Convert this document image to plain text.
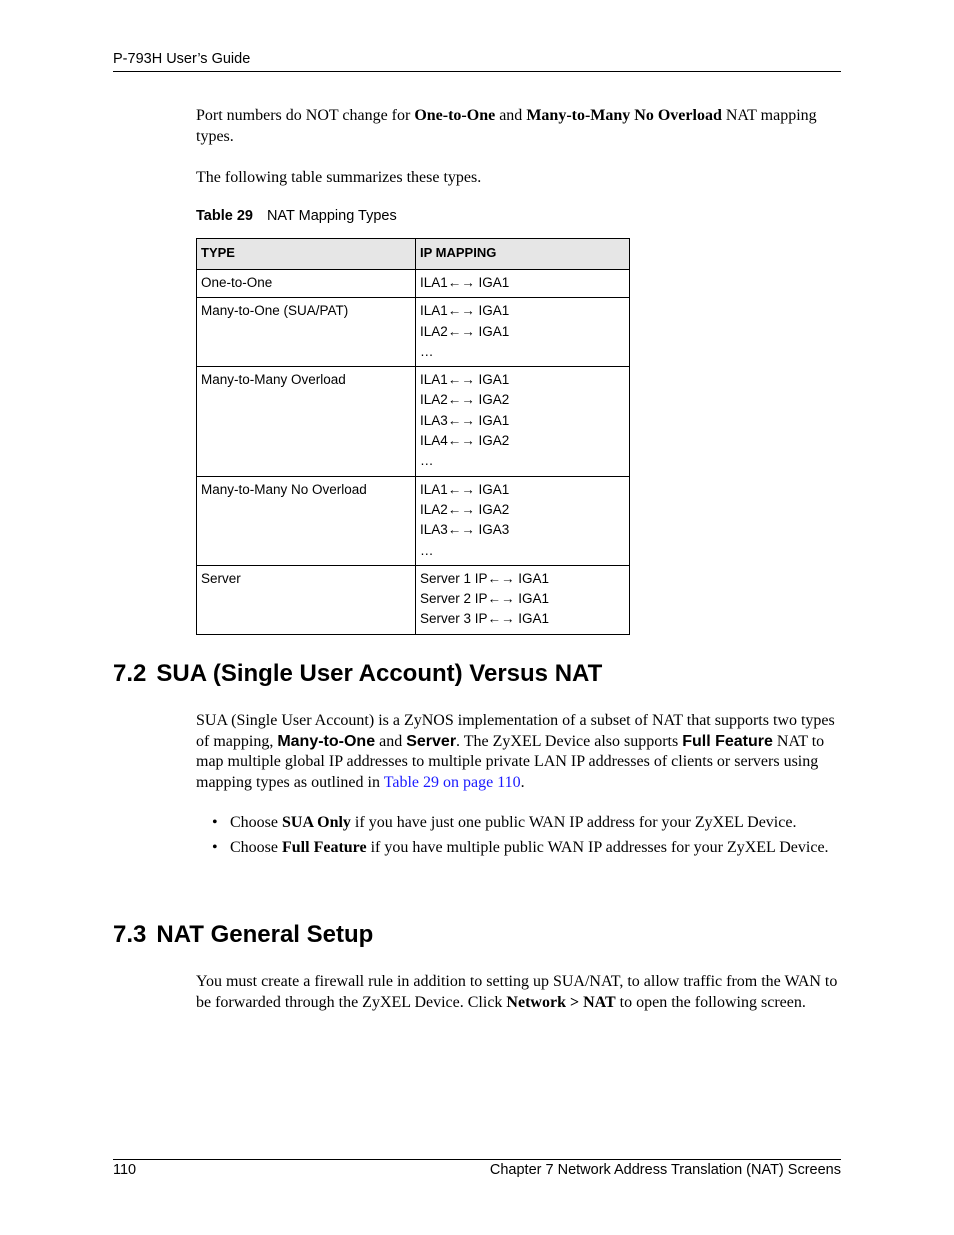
P-793H User’s Guide

Port numbers do NOT change for One-to-One and Many-to-Many No Overload NAT mapping types.

The following table summarizes these types.

Table 29 NAT Mapping Types
TYPE	IP MAPPING
One-to-One	ILA1←→ IGA1

Many-to-One (SUA/PAT)	ILA1←→ IGA1
ILA2←→ IGA1
…

Many-to-Many Overload	ILA1←→ IGA1
ILA2←→ IGA2
ILA3←→ IGA1
ILA4←→ IGA2
…

Many-to-Many No Overload	ILA1←→ IGA1
ILA2←→ IGA2
ILA3←→ IGA3
…

Server	Server 1 IP←→ IGA1
Server 2 IP←→ IGA1
Server 3 IP←→ IGA1
7.2 SUA (Single User Account) Versus NAT

SUA (Single User Account) is a ZyNOS implementation of a subset of NAT that supports two types of mapping, Many-to-One and Server. The ZyXEL Device also supports Full Feature NAT to map multiple global IP addresses to multiple private LAN IP addresses of clients or servers using mapping types as outlined in Table 29 on page 110.

• Choose SUA Only if you have just one public WAN IP address for your ZyXEL Device.
• Choose Full Feature if you have multiple public WAN IP addresses for your ZyXEL Device.
7.3 NAT General Setup

You must create a firewall rule in addition to setting up SUA/NAT, to allow traffic from the WAN to be forwarded through the ZyXEL Device. Click Network > NAT to open the following screen.

110	Chapter 7 Network Address Translation (NAT) Screens
